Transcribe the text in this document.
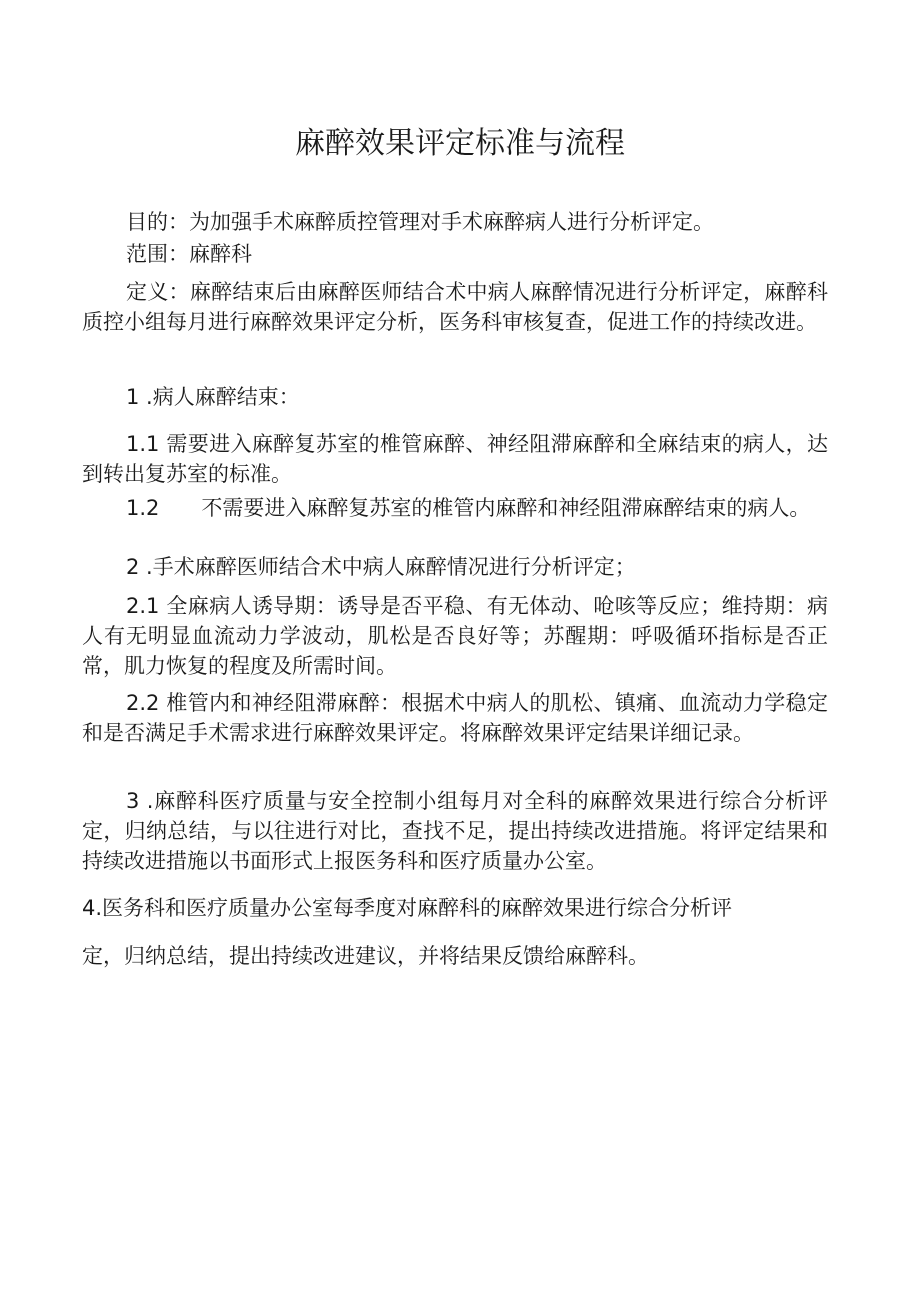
麻醉效果评定标准与流程

目的：为加强手术麻醉质控管理对手术麻醉病人进行分析评定。

范围：麻醉科

定义：麻醉结束后由麻醉医师结合术中病人麻醉情况进行分析评定，麻醉科质控小组每月进行麻醉效果评定分析，医务科审核复查，促进工作的持续改进。

1 .病人麻醉结束：

1.1 需要进入麻醉复苏室的椎管麻醉、神经阻滞麻醉和全麻结束的病人，达到转出复苏室的标准。

1.2 不需要进入麻醉复苏室的椎管内麻醉和神经阻滞麻醉结束的病人。

2 .手术麻醉医师结合术中病人麻醉情况进行分析评定；

2.1 全麻病人诱导期：诱导是否平稳、有无体动、呛咳等反应；维持期：病人有无明显血流动力学波动，肌松是否良好等；苏醒期：呼吸循环指标是否正常，肌力恢复的程度及所需时间。

2.2 椎管内和神经阻滞麻醉：根据术中病人的肌松、镇痛、血流动力学稳定和是否满足手术需求进行麻醉效果评定。将麻醉效果评定结果详细记录。

3 .麻醉科医疗质量与安全控制小组每月对全科的麻醉效果进行综合分析评定，归纳总结，与以往进行对比，查找不足，提出持续改进措施。将评定结果和持续改进措施以书面形式上报医务科和医疗质量办公室。

4.医务科和医疗质量办公室每季度对麻醉科的麻醉效果进行综合分析评

定，归纳总结，提出持续改进建议，并将结果反馈给麻醉科。
